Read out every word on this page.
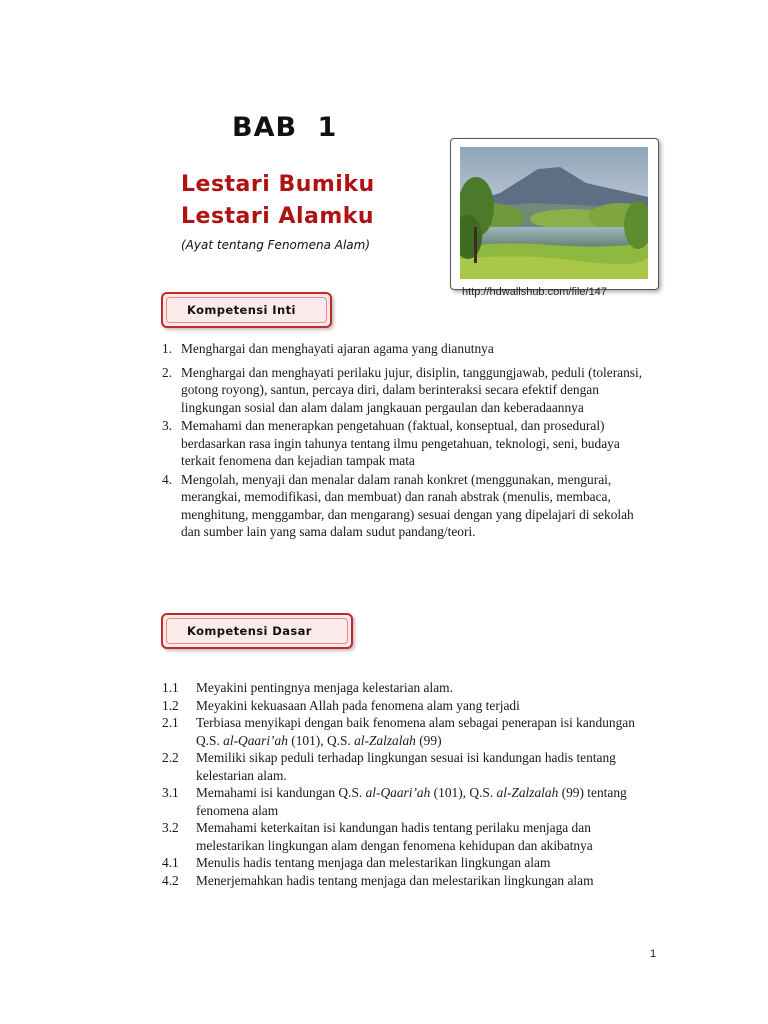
BAB 1
Lestari Bumiku
Lestari Alamku
(Ayat tentang Fenomena Alam)
http://hdwallshub.com/file/147
Kompetensi Inti
1. Menghargai dan menghayati ajaran agama yang dianutnya
2. Menghargai dan menghayati perilaku jujur, disiplin, tanggungjawab, peduli (toleransi, gotong royong), santun, percaya diri, dalam berinteraksi secara efektif dengan lingkungan sosial dan alam dalam jangkauan pergaulan dan keberadaannya
3. Memahami dan menerapkan pengetahuan (faktual, konseptual, dan prosedural) berdasarkan rasa ingin tahunya tentang ilmu pengetahuan, teknologi, seni, budaya terkait fenomena dan kejadian tampak mata
4. Mengolah, menyaji dan menalar dalam ranah konkret (menggunakan, mengurai, merangkai, memodifikasi, dan membuat) dan ranah abstrak (menulis, membaca, menghitung, menggambar, dan mengarang) sesuai dengan yang dipelajari di sekolah dan sumber lain yang sama dalam sudut pandang/teori.
Kompetensi Dasar
1.1 Meyakini pentingnya menjaga kelestarian alam.
1.2 Meyakini kekuasaan Allah pada fenomena alam yang terjadi
2.1 Terbiasa menyikapi dengan baik fenomena alam sebagai penerapan isi kandungan Q.S. al-Qaari’ah (101), Q.S. al-Zalzalah (99)
2.2 Memiliki sikap peduli terhadap lingkungan sesuai isi kandungan hadis tentang kelestarian alam.
3.1 Memahami isi kandungan Q.S. al-Qaari’ah (101), Q.S. al-Zalzalah (99) tentang fenomena alam
3.2 Memahami keterkaitan isi kandungan hadis tentang perilaku menjaga dan melestarikan lingkungan alam dengan fenomena kehidupan dan akibatnya
4.1 Menulis hadis tentang menjaga dan melestarikan lingkungan alam
4.2 Menerjemahkan hadis tentang menjaga dan melestarikan lingkungan alam
1
